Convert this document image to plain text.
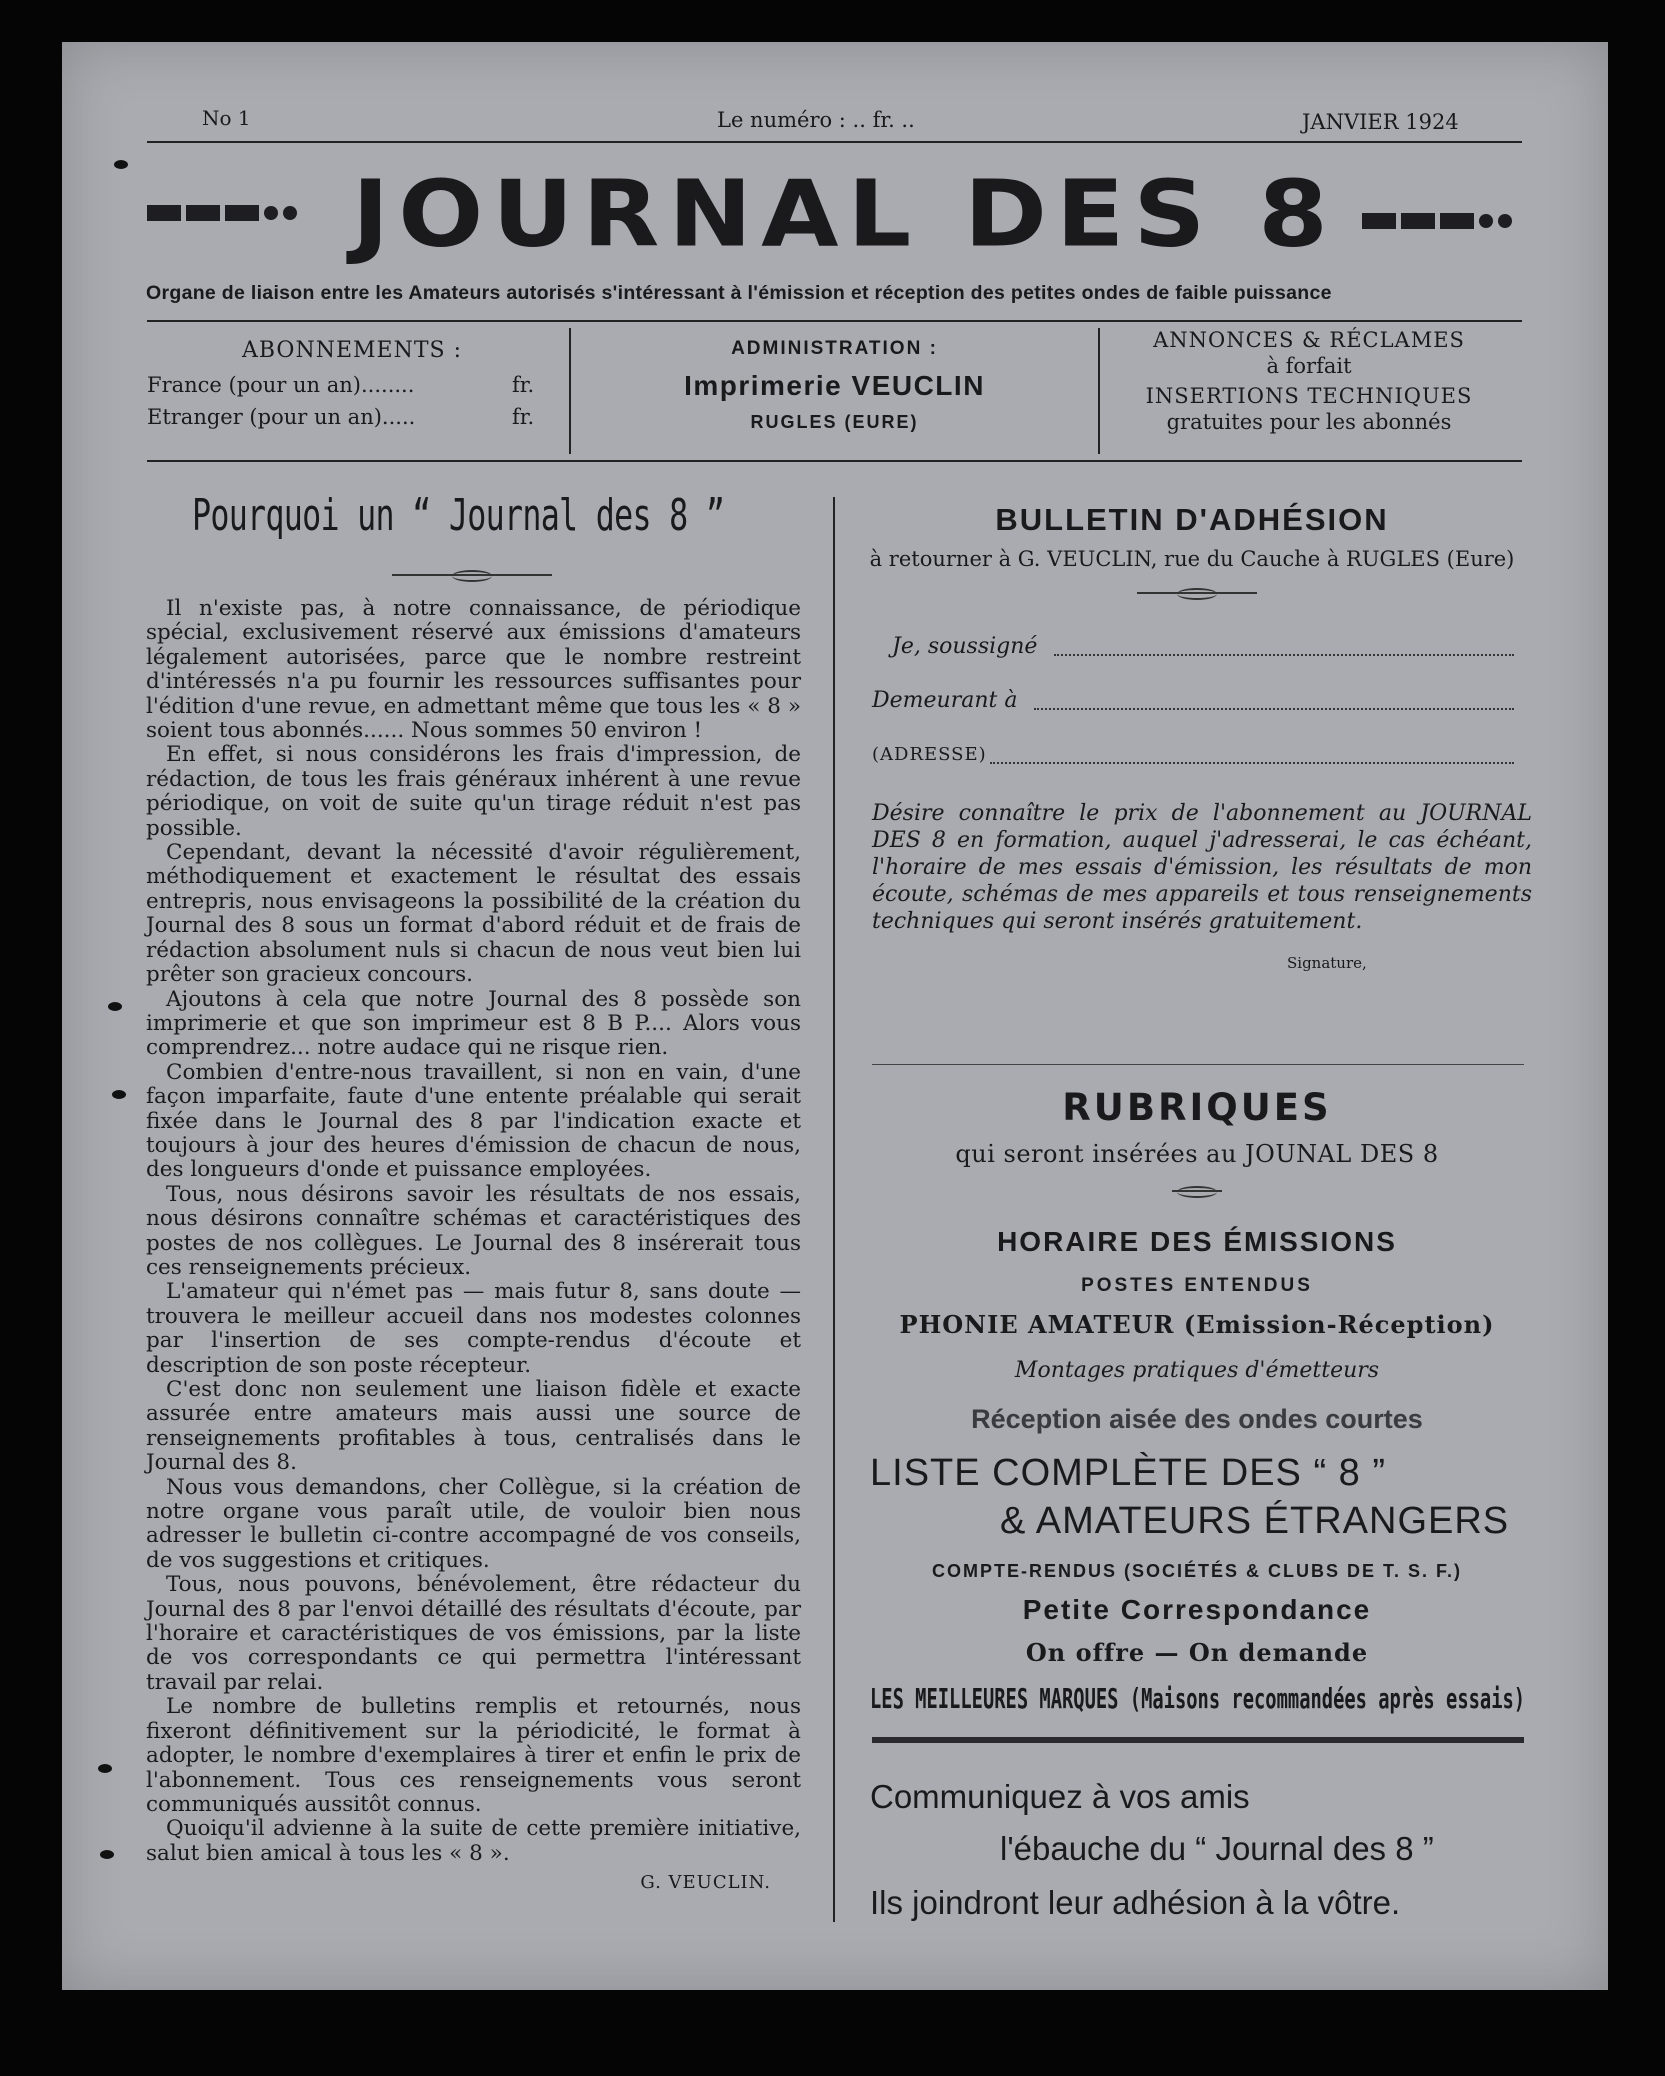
No 1	Le numéro : .. fr. ..	JANVIER 1924
JOURNAL DES 8
Organe de liaison entre les Amateurs autorisés s'intéressant à l'émission et réception des petites ondes de faible puissance
ABONNEMENTS :
France (pour un an)........	fr.
Etranger (pour un an).....	fr.
ADMINISTRATION :
Imprimerie VEUCLIN
RUGLES (EURE)
ANNONCES & RÉCLAMES
à forfait
INSERTIONS TECHNIQUES
gratuites pour les abonnés
Pourquoi un “ Journal des 8 ”

Il n'existe pas, à notre connaissance, de périodique spécial, exclusivement réservé aux émissions d'amateurs légalement autorisées, parce que le nombre restreint d'intéressés n'a pu fournir les ressources suffisantes pour l'édition d'une revue, en admettant même que tous les « 8 » soient tous abonnés...... Nous sommes 50 environ !

En effet, si nous considérons les frais d'impression, de rédaction, de tous les frais généraux inhérent à une revue périodique, on voit de suite qu'un tirage réduit n'est pas possible.

Cependant, devant la nécessité d'avoir régulièrement, méthodiquement et exactement le résultat des essais entrepris, nous envisageons la possibilité de la création du Journal des 8 sous un format d'abord réduit et de frais de rédaction absolument nuls si chacun de nous veut bien lui prêter son gracieux concours.

Ajoutons à cela que notre Journal des 8 possède son imprimerie et que son imprimeur est 8 B P.... Alors vous comprendrez... notre audace qui ne risque rien.

Combien d'entre-nous travaillent, si non en vain, d'une façon imparfaite, faute d'une entente préalable qui serait fixée dans le Journal des 8 par l'indication exacte et toujours à jour des heures d'émission de chacun de nous, des longueurs d'onde et puissance employées.

Tous, nous désirons savoir les résultats de nos essais, nous désirons connaître schémas et caractéristiques des postes de nos collègues. Le Journal des 8 insérerait tous ces renseignements précieux.

L'amateur qui n'émet pas — mais futur 8, sans doute — trouvera le meilleur accueil dans nos modestes colonnes par l'insertion de ses compte-rendus d'écoute et description de son poste récepteur.

C'est donc non seulement une liaison fidèle et exacte assurée entre amateurs mais aussi une source de renseignements profitables à tous, centralisés dans le Journal des 8.

Nous vous demandons, cher Collègue, si la création de notre organe vous paraît utile, de vouloir bien nous adresser le bulletin ci-contre accompagné de vos conseils, de vos suggestions et critiques.

Tous, nous pouvons, bénévolement, être rédacteur du Journal des 8 par l'envoi détaillé des résultats d'écoute, par l'horaire et caractéristiques de vos émissions, par la liste de vos correspondants ce qui permettra l'intéressant travail par relai.

Le nombre de bulletins remplis et retournés, nous fixeront définitivement sur la périodicité, le format à adopter, le nombre d'exemplaires à tirer et enfin le prix de l'abonnement. Tous ces renseignements vous seront communiqués aussitôt connus.

Quoiqu'il advienne à la suite de cette première initiative, salut bien amical à tous les « 8 ».

G. VEUCLIN.
BULLETIN D'ADHÉSION
à retourner à G. VEUCLIN, rue du Cauche à RUGLES (Eure)
Je, soussigné
Demeurant à
(ADRESSE)
Désire connaître le prix de l'abonnement au JOURNAL DES 8 en formation, auquel j'adresserai, le cas échéant, l'horaire de mes essais d'émission, les résultats de mon écoute, schémas de mes appareils et tous renseignements techniques qui seront insérés gratuitement.
Signature,
RUBRIQUES
qui seront insérées au JOUNAL DES 8
HORAIRE DES ÉMISSIONS
POSTES ENTENDUS
PHONIE AMATEUR (Emission-Réception)
Montages pratiques d'émetteurs
Réception aisée des ondes courtes
LISTE COMPLÈTE DES “ 8 ”
& AMATEURS ÉTRANGERS
COMPTE-RENDUS (SOCIÉTÉS & CLUBS DE T. S. F.)
Petite Correspondance
On offre — On demande
LES MEILLEURES MARQUES (Maisons recommandées après essais)
Communiquez à vos amis
l'ébauche du “ Journal des 8 ”
Ils joindront leur adhésion à la vôtre.
